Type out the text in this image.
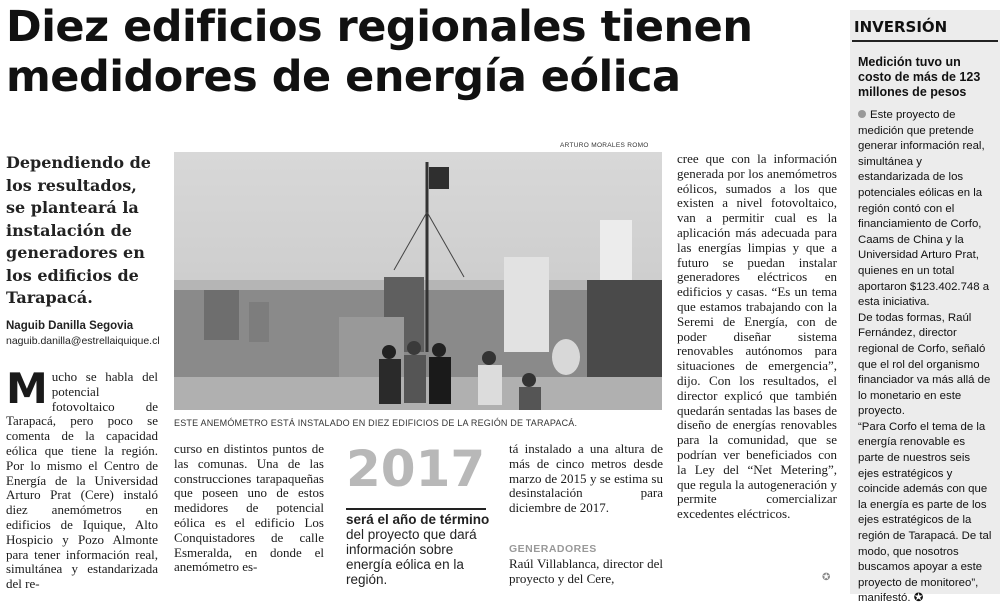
Diez edificios regionales tienen
medidores de energía eólica
Dependiendo de los resultados, se planteará la instalación de generadores en los edificios de Tarapacá.
Naguib Danilla Segovia
naguib.danilla@estrellaiquique.cl
M ucho se habla del potencial fotovoltaico de Tarapacá, pero poco se comenta de la capacidad eólica que tiene la región. Por lo mismo el Centro de Energía de la Universidad Arturo Prat (Cere) instaló diez anemómetros en edificios de Iquique, Alto Hospicio y Pozo Almonte para tener información real, simultánea y estandarizada del re-
ARTURO MORALES ROMO
ESTE ANEMÓMETRO ESTÁ INSTALADO EN DIEZ EDIFICIOS DE LA REGIÓN DE TARAPACÁ.
curso en distintos puntos de las comunas. Una de las construcciones tarapaqueñas que poseen uno de estos medidores de potencial eólica es el edificio Los Conquistadores de calle Esmeralda, en donde el anemómetro es-
2017
será el año de término del proyecto que dará información sobre energía eólica en la región.
tá instalado a una altura de más de cinco metros desde marzo de 2015 y se estima su desinstalación para diciembre de 2017.
GENERADORES
Raúl Villablanca, director del proyecto y del Cere,
cree que con la información generada por los anemómetros eólicos, sumados a los que existen a nivel fotovoltaico, van a permitir cual es la aplicación más adecuada para las energías limpias y que a futuro se puedan instalar generadores eléctricos en edificios y casas. “Es un tema que estamos trabajando con la Seremi de Energía, con de poder diseñar sistema renovables autónomos para situaciones de emergencia”, dijo. Con los resultados, el director explicó que también quedarán sentadas las bases de diseño de energías renovables para la comunidad, que se podrían ver beneficiados con la Ley del “Net Metering”, que regula la autogeneración y permite comercializar excedentes eléctricos.
✪
INVERSIÓN
Medición tuvo un costo de más de 123 millones de pesos

Este proyecto de medición que pretende generar información real, simultánea y estandarizada de los potenciales eólicas en la región contó con el financiamiento de Corfo, Caams de China y la Universidad Arturo Prat, quienes en un total aportaron $123.402.748 a esta iniciativa.

De todas formas, Raúl Fernández, director regional de Corfo, señaló que el rol del organismo financiador va más allá de lo monetario en este proyecto.

“Para Corfo el tema de la energía renovable es parte de nuestros seis ejes estratégicos y coincide además con que la energía es parte de los ejes estratégicos de la región de Tarapacá. De tal modo, que nosotros buscamos apoyar a este proyecto de monitoreo”, manifestó. ✪
